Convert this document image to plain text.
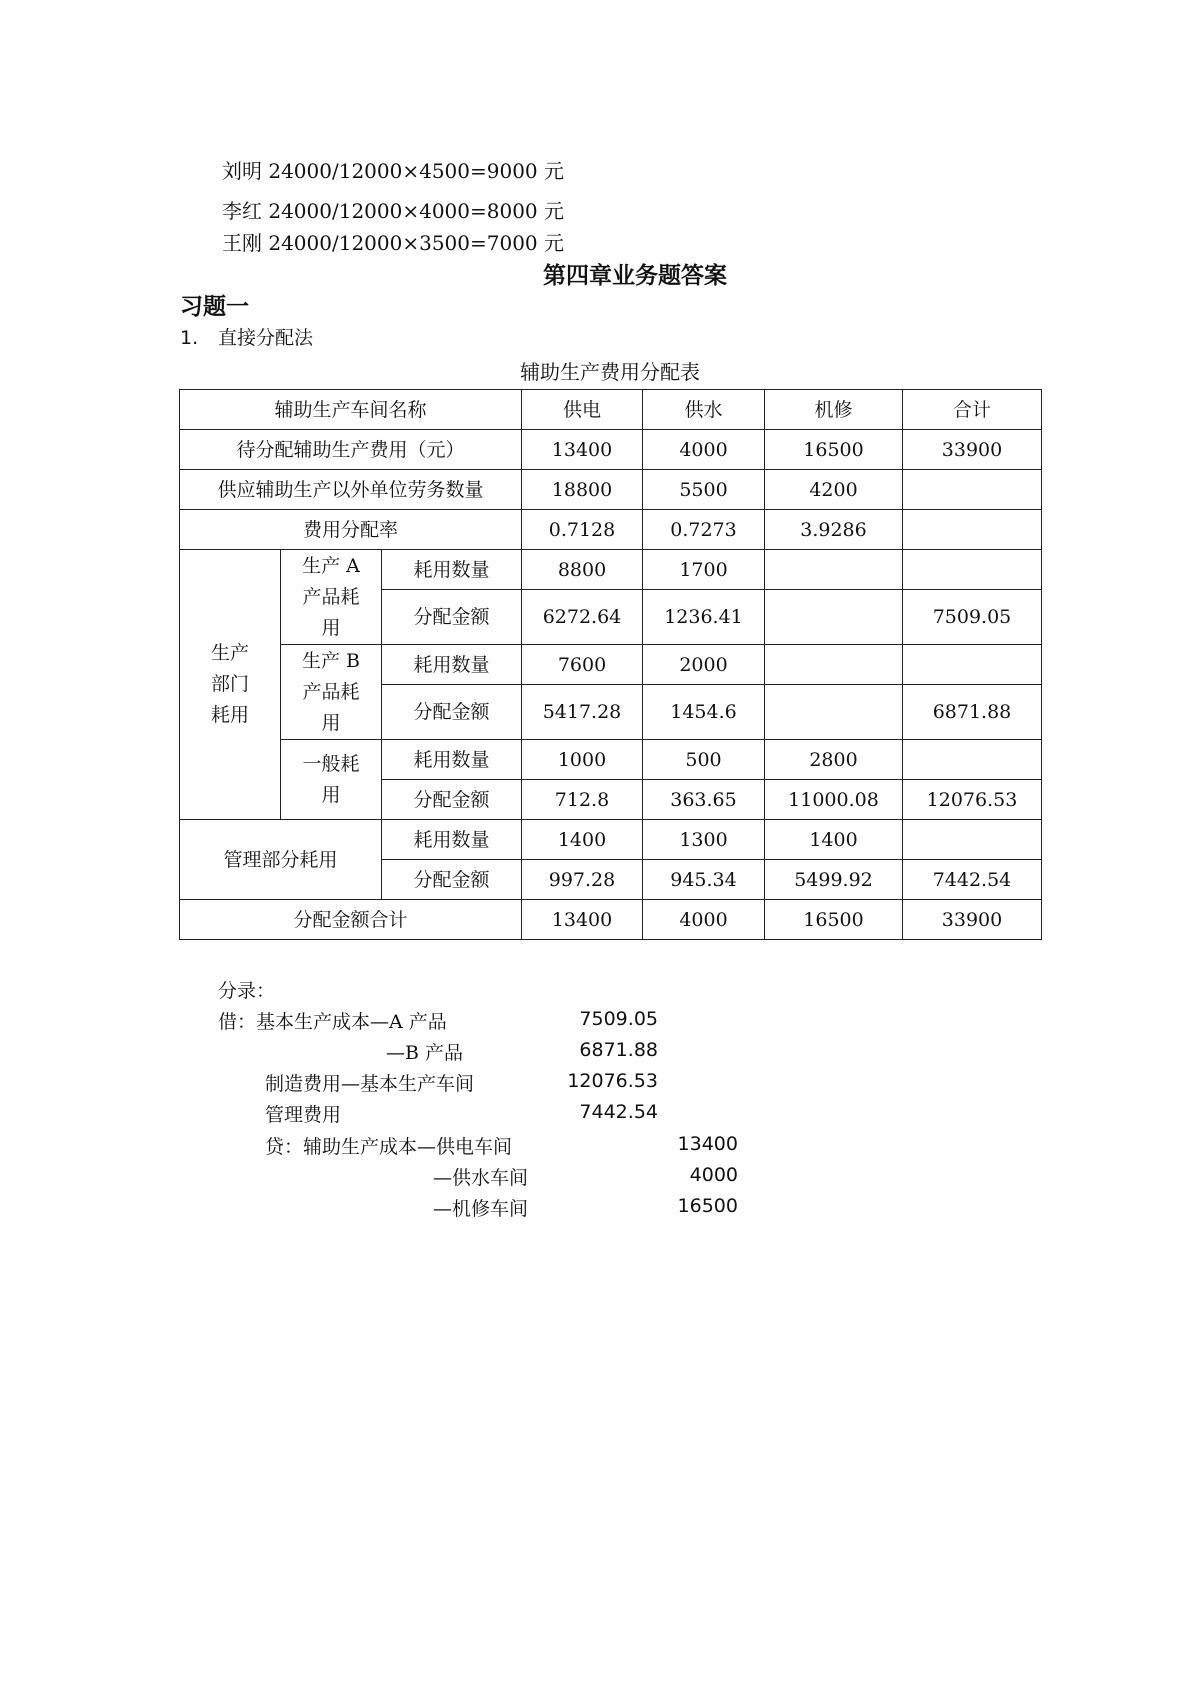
刘明 24000/12000×4500=9000 元
李红 24000/12000×4000=8000 元
王刚 24000/12000×3500=7000 元
第四章业务题答案
习题一
1. 直接分配法
辅助生产费用分配表
辅助生产车间名称			供电	供水	机修	合计
待分配辅助生产费用（元）			13400	4000	16500	33900
供应辅助生产以外单位劳务数量			18800	5500	4200	
费用分配率			0.7128	0.7273	3.9286	

生产部门耗用	生产 A 产品耗用	耗用数量	8800	1700		
		分配金额	6272.64	1236.41		7509.05

	生产 B 产品耗用	耗用数量	7600	2000		
		分配金额	5417.28	1454.6		6871.88

	一般耗用	耗用数量	1000	500	2800	
		分配金额	712.8	363.65	11000.08	12076.53
管理部分耗用		耗用数量	1400	1300	1400	
		分配金额	997.28	945.34	5499.92	7442.54
分配金额合计			13400	4000	16500	33900
分录：
借：基本生产成本—A 产品	7509.05
—B 产品	6871.88
制造费用—基本生产车间	12076.53
管理费用	7442.54
贷：辅助生产成本—供电车间	13400
—供水车间	4000
—机修车间	16500
